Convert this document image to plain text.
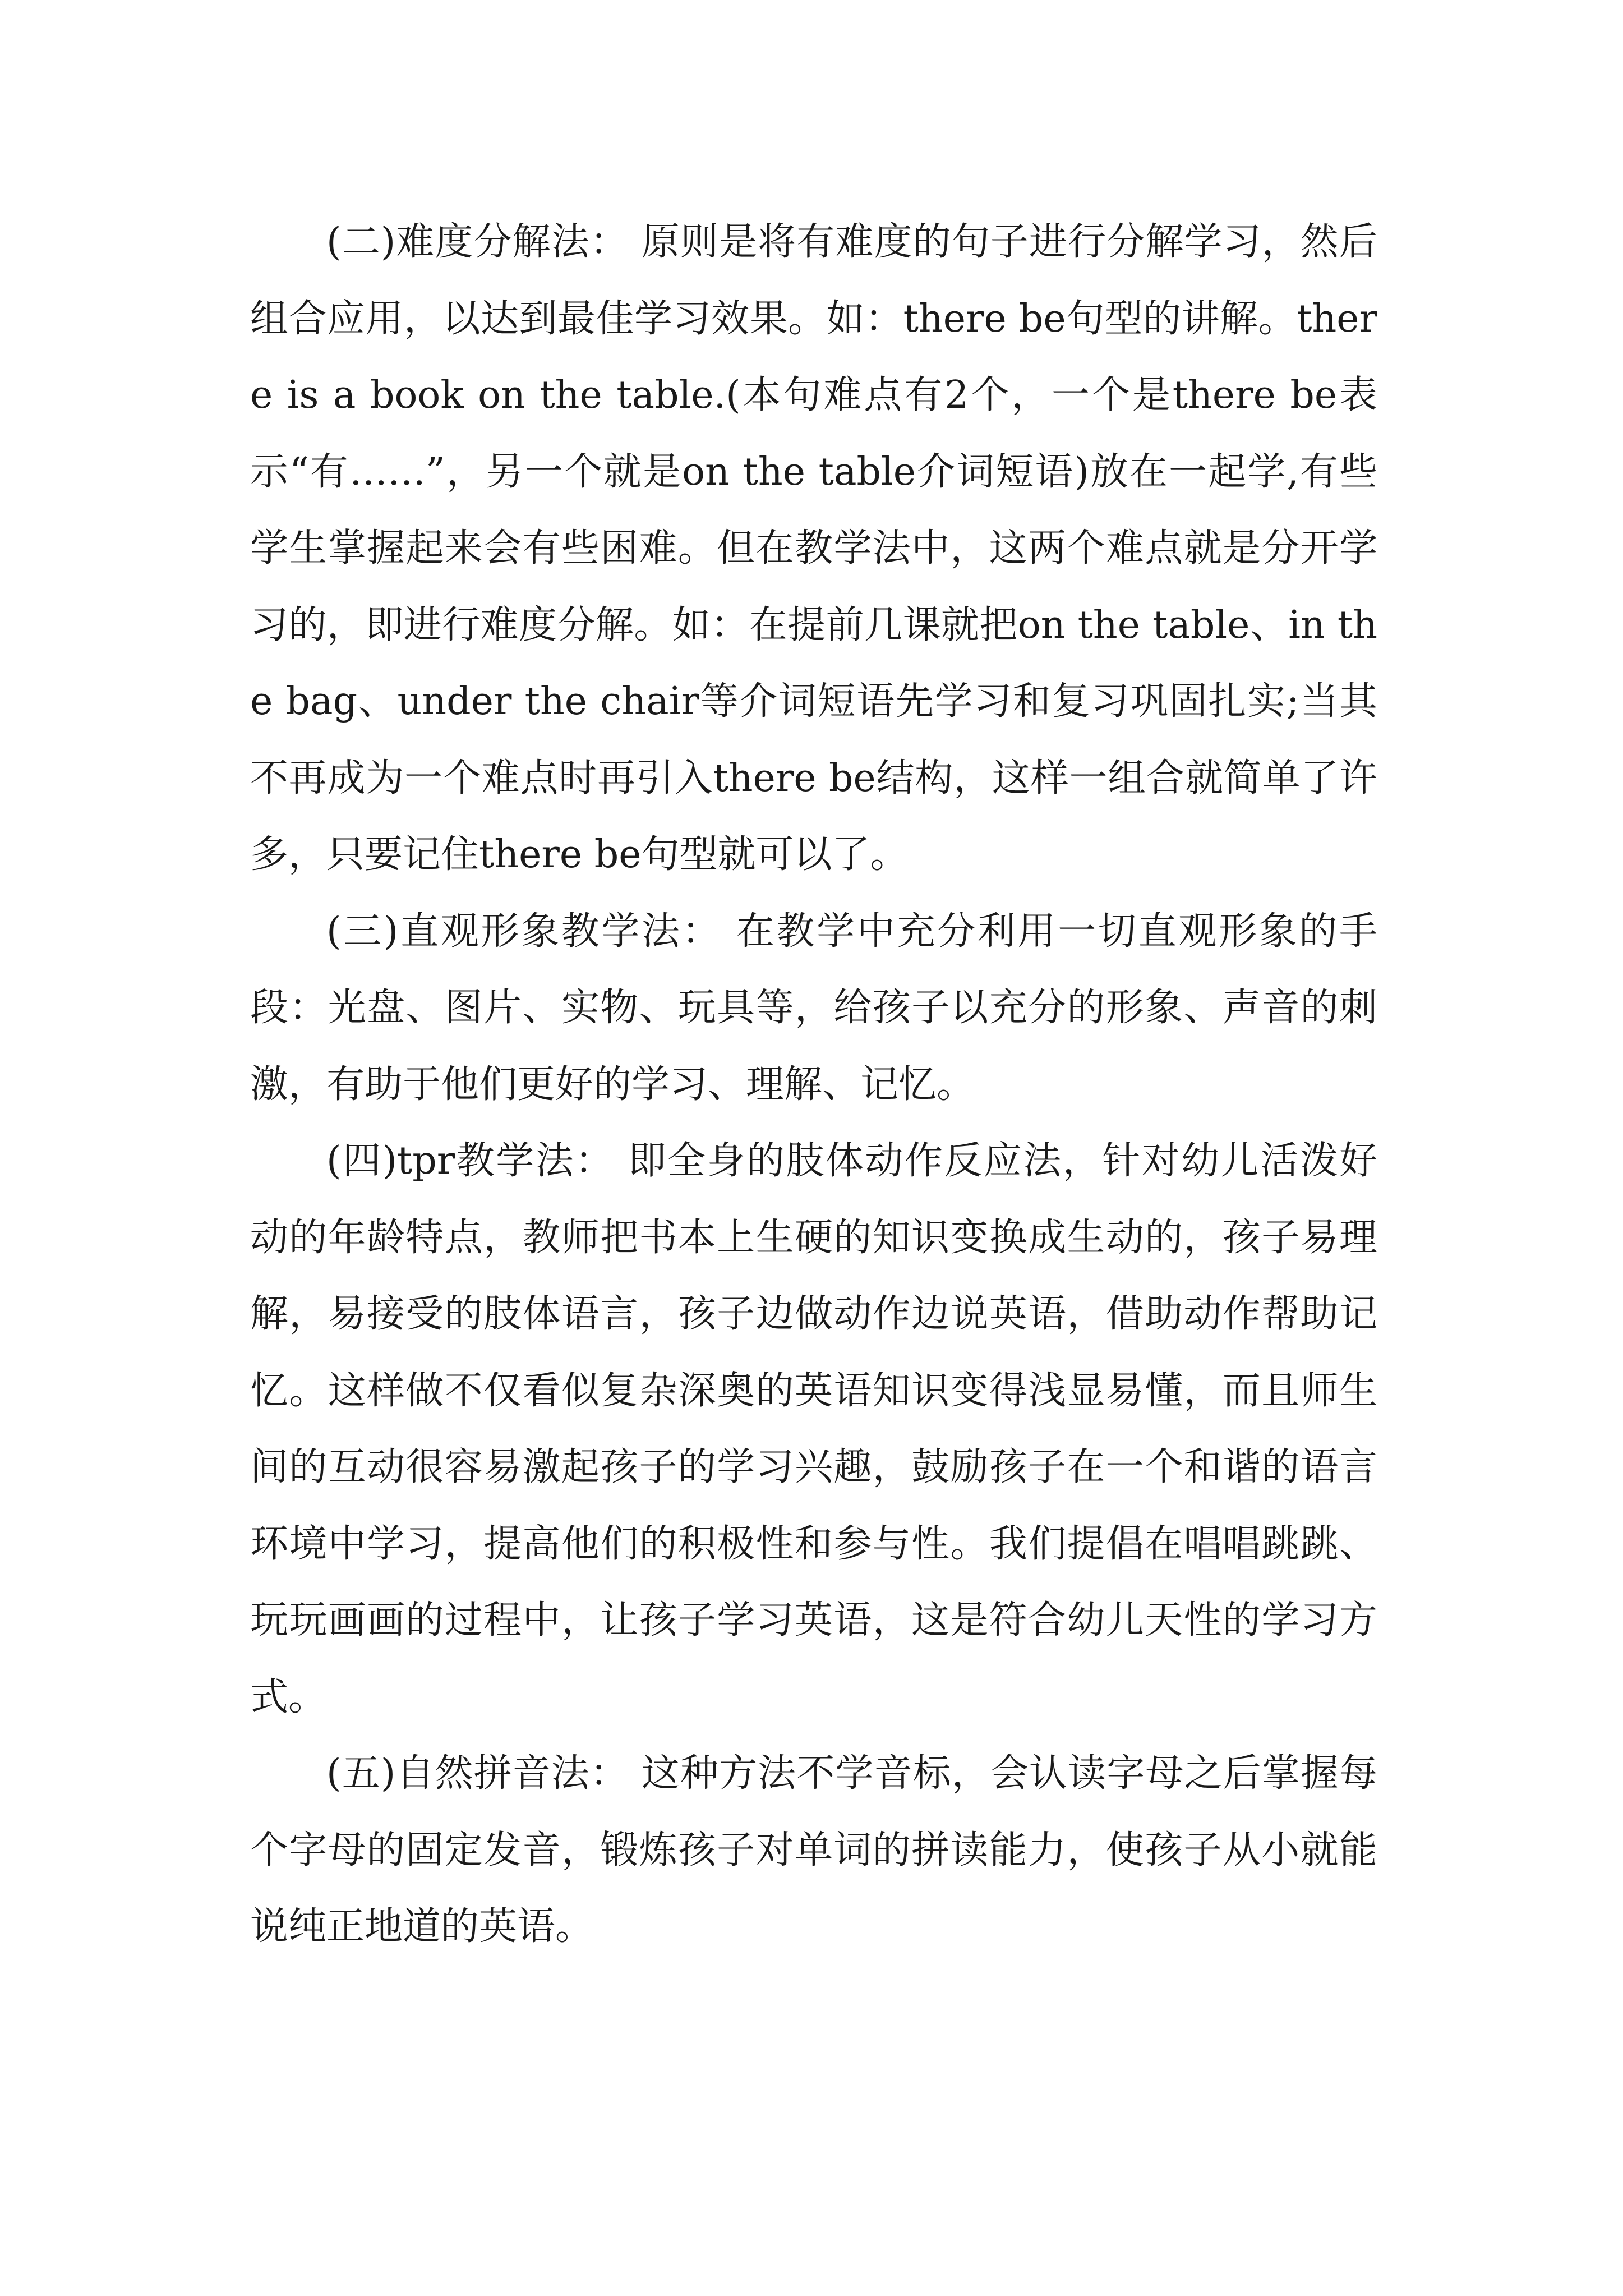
(二)难度分解法： 原则是将有难度的句子进行分解学习，然后组合应用，以达到最佳学习效果。如：there be句型的讲解。there is a book on the table.(本句难点有2个，一个是there be表示“有……”，另一个就是on the table介词短语)放在一起学,有些学生掌握起来会有些困难。但在教学法中，这两个难点就是分开学习的，即进行难度分解。如：在提前几课就把on the table、in the bag、under the chair等介词短语先学习和复习巩固扎实;当其不再成为一个难点时再引入there be结构，这样一组合就简单了许多，只要记住there be句型就可以了。

(三)直观形象教学法： 在教学中充分利用一切直观形象的手段：光盘、图片、实物、玩具等，给孩子以充分的形象、声音的刺激，有助于他们更好的学习、理解、记忆。

(四)tpr教学法： 即全身的肢体动作反应法，针对幼儿活泼好动的年龄特点，教师把书本上生硬的知识变换成生动的，孩子易理解，易接受的肢体语言，孩子边做动作边说英语，借助动作帮助记忆。这样做不仅看似复杂深奥的英语知识变得浅显易懂，而且师生间的互动很容易激起孩子的学习兴趣，鼓励孩子在一个和谐的语言环境中学习，提高他们的积极性和参与性。我们提倡在唱唱跳跳、玩玩画画的过程中，让孩子学习英语，这是符合幼儿天性的学习方式。

(五)自然拼音法： 这种方法不学音标，会认读字母之后掌握每个字母的固定发音，锻炼孩子对单词的拼读能力，使孩子从小就能说纯正地道的英语。
